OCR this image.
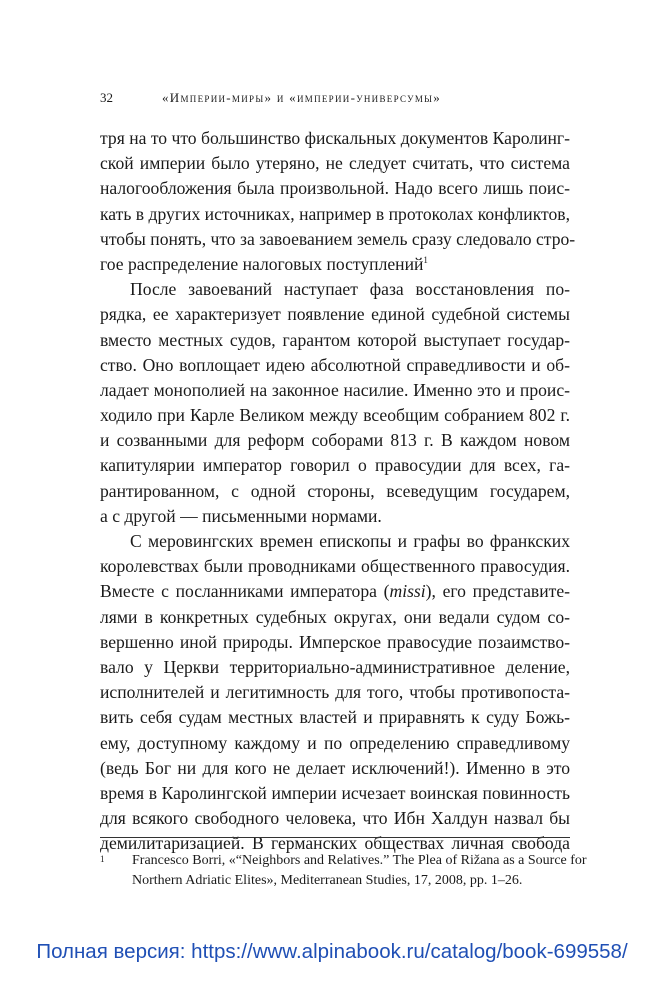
32	«Империи-миры» и «империи-универсумы»
тря на то что большинство фискальных документов Каролинг-
ской империи было утеряно, не следует считать, что система
налогообложения была произвольной. Надо всего лишь поис-
кать в других источниках, например в протоколах конфликтов,
чтобы понять, что за завоеванием земель сразу следовало стро-
гое распределение налоговых поступлений$^1$
После завоеваний наступает фаза восстановления по-
рядка, ее характеризует появление единой судебной системы
вместо местных судов, гарантом которой выступает государ-
ство. Оно воплощает идею абсолютной справедливости и об-
ладает монополией на законное насилие. Именно это и проис-
ходило при Карле Великом между всеобщим собранием 802 г.
и созванными для реформ соборами 813 г. В каждом новом
капитулярии император говорил о правосудии для всех, га-
рантированном, с одной стороны, всеведущим государем,
а с другой — письменными нормами.
С меровингских времен епископы и графы во франкских
королевствах были проводниками общественного правосудия.
Вместе с посланниками императора (missi), его представите-
лями в конкретных судебных округах, они ведали судом со-
вершенно иной природы. Имперское правосудие позаимство-
вало у Церкви территориально-административное деление,
исполнителей и легитимность для того, чтобы противопоста-
вить себя судам местных властей и приравнять к суду Божь-
ему, доступному каждому и по определению справедливому
(ведь Бог ни для кого не делает исключений!). Именно в это
время в Каролингской империи исчезает воинская повинность
для всякого свободного человека, что Ибн Халдун назвал бы
демилитаризацией. В германских обществах личная свобода
1 Francesco Borri, «“Neighbors and Relatives.” The Plea of Rižana as a Source for
Northern Adriatic Elites», Mediterranean Studies, 17, 2008, pp. 1–26.
Полная версия: https://www.alpinabook.ru/catalog/book-699558/
